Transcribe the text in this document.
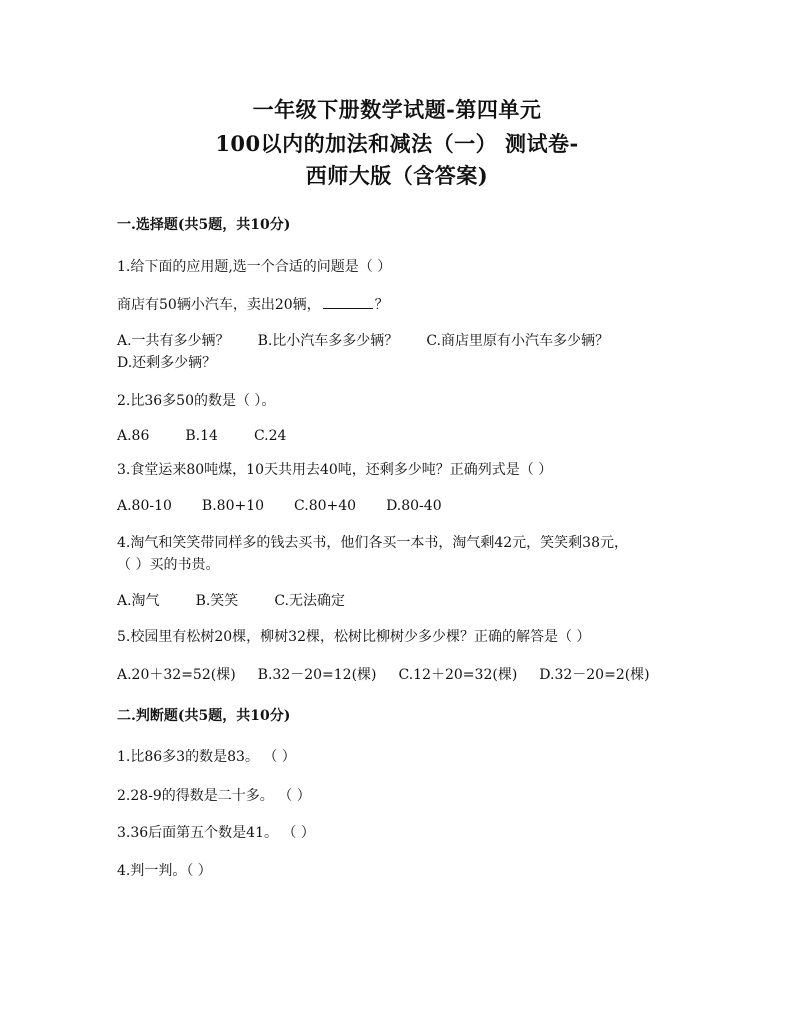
一年级下册数学试题-第四单元
100以内的加法和减法（一） 测试卷-
西师大版（含答案)
一.选择题(共5题，共10分)
1.给下面的应用题,选一个合适的问题是（ ）
商店有50辆小汽车，卖出20辆，	？
A.一共有多少辆？ B.比小汽车多多少辆？ C.商店里原有小汽车多少辆？
D.还剩多少辆？
2.比36多50的数是（ ）。
A.86	B.14	C.24
3.食堂运来80吨煤，10天共用去40吨，还剩多少吨？正确列式是（ ）
A.80-10 B.80+10 C.80+40 D.80-40
4.淘气和笑笑带同样多的钱去买书，他们各买一本书，淘气剩42元，笑笑剩38元，
（ ）买的书贵。
A.淘气	B.笑笑	C.无法确定
5.校园里有松树20棵，柳树32棵，松树比柳树少多少棵？正确的解答是（ ）
A.20＋32=52(棵) B.32－20=12(棵) C.12＋20=32(棵) D.32－20=2(棵)
二.判断题(共5题，共10分)
1.比86多3的数是83。 （ ）
2.28-9的得数是二十多。 （ ）
3.36后面第五个数是41。 （ ）
4.判一判。（ ）
